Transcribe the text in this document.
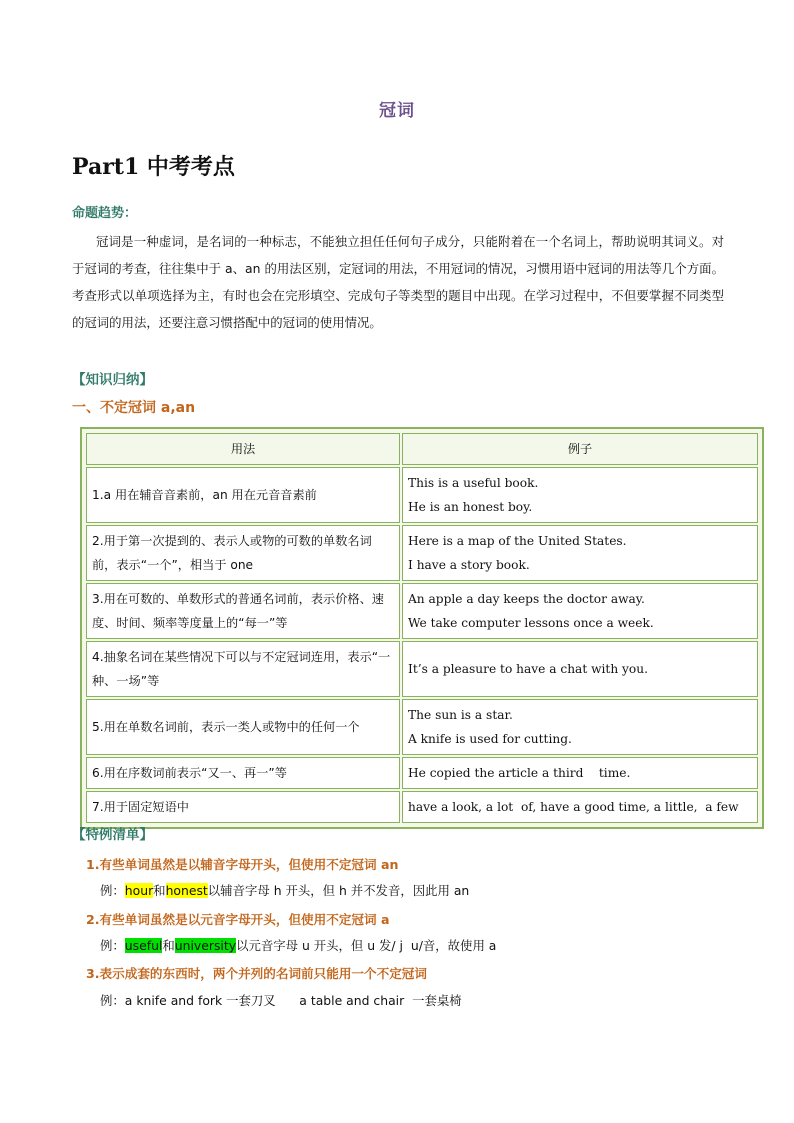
冠词
Part1 中考考点
命题趋势：
冠词是一种虚词，是名词的一种标志，不能独立担任任何句子成分，只能附着在一个名词上，帮助说明其词义。对于冠词的考查，往往集中于 a、an 的用法区别，定冠词的用法，不用冠词的情况，习惯用语中冠词的用法等几个方面。考查形式以单项选择为主，有时也会在完形填空、完成句子等类型的题目中出现。在学习过程中，不但要掌握不同类型的冠词的用法，还要注意习惯搭配中的冠词的使用情况。
【知识归纳】
一、不定冠词 a,an
用法	例子
1.a 用在辅音音素前，an 用在元音音素前	This is a useful book.
He is an honest boy.

2.用于第一次提到的、表示人或物的可数的单数名词前，表示“一个”，相当于 one	Here is a map of the United States.
I have a story book.

3.用在可数的、单数形式的普通名词前，表示价格、速度、时间、频率等度量上的“每一”等	An apple a day keeps the doctor away.
We take computer lessons once a week.

4.抽象名词在某些情况下可以与不定冠词连用，表示“一种、一场”等	It’s a pleasure to have a chat with you.

5.用在单数名词前，表示一类人或物中的任何一个	The sun is a star.
A knife is used for cutting.

6.用在序数词前表示“又一、再一”等	He copied the article a third    time.

7.用于固定短语中	have a look, a lot  of, have a good time, a little,  a few
【特例清单】
1.有些单词虽然是以辅音字母开头，但使用不定冠词 an
例：hour和honest以辅音字母 h 开头，但 h 并不发音，因此用 an
2.有些单词虽然是以元音字母开头，但使用不定冠词 a
例：useful和university以元音字母 u 开头，但 u 发/ j  u/音，故使用 a
3.表示成套的东西时，两个并列的名词前只能用一个不定冠词
例：a knife and fork 一套刀叉      a table and chair  一套桌椅
